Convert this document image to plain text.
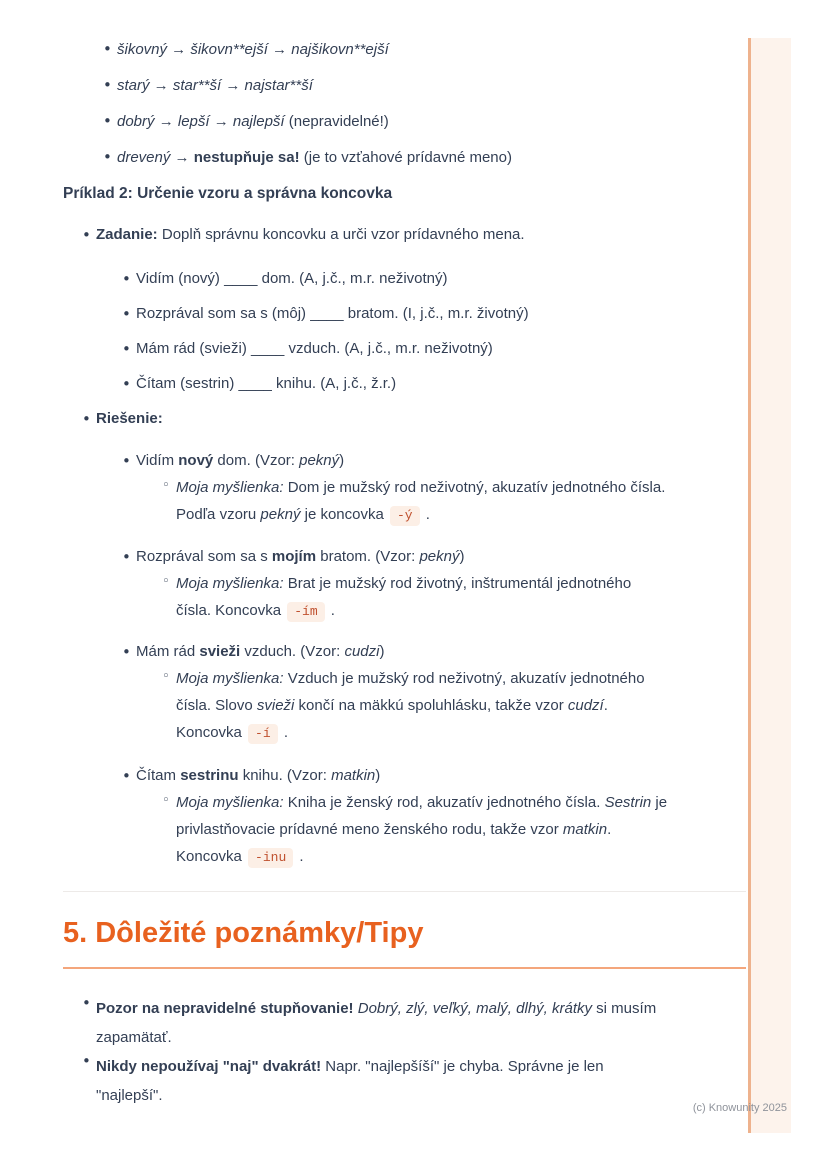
• šikovný → šikovn**ejší → najšikovn**ejší
• starý → star**ší → najstar**ší
• dobrý → lepší → najlepší (nepravidelné!)
• drevený → nestupňuje sa! (je to vzťahové prídavné meno)
Príklad 2: Určenie vzoru a správna koncovka
• Zadanie: Doplň správnu koncovku a urči vzor prídavného mena.
• Vidím (nový) ____ dom. (A, j.č., m.r. neživotný)
• Rozprával som sa s (môj) ____ bratom. (I, j.č., m.r. životný)
• Mám rád (svieži) ____ vzduch. (A, j.č., m.r. neživotný)
• Čítam (sestrin) ____ knihu. (A, j.č., ž.r.)
• Riešenie:
• Vidím nový dom. (Vzor: pekný)
◦ Moja myšlienka: Dom je mužský rod neživotný, akuzatív jednotného čísla.
Podľa vzoru pekný je koncovka -ý .
• Rozprával som sa s mojím bratom. (Vzor: pekný)
◦ Moja myšlienka: Brat je mužský rod životný, inštrumentál jednotného
čísla. Koncovka -ím .
• Mám rád svieži vzduch. (Vzor: cudzi)
◦ Moja myšlienka: Vzduch je mužský rod neživotný, akuzatív jednotného
čísla. Slovo svieži končí na mäkkú spoluhlásku, takže vzor cudzí.
Koncovka -í .
• Čítam sestrinu knihu. (Vzor: matkin)
◦ Moja myšlienka: Kniha je ženský rod, akuzatív jednotného čísla. Sestrin je
privlastňovacie prídavné meno ženského rodu, takže vzor matkin.
Koncovka -inu .
5. Dôležité poznámky/Tipy
• Pozor na nepravidelné stupňovanie! Dobrý, zlý, veľký, malý, dlhý, krátky si musím
zapamätať.
• Nikdy nepoužívaj "naj" dvakrát! Napr. "najlepšíší" je chyba. Správne je len
"najlepší".
(c) Knowunity 2025
